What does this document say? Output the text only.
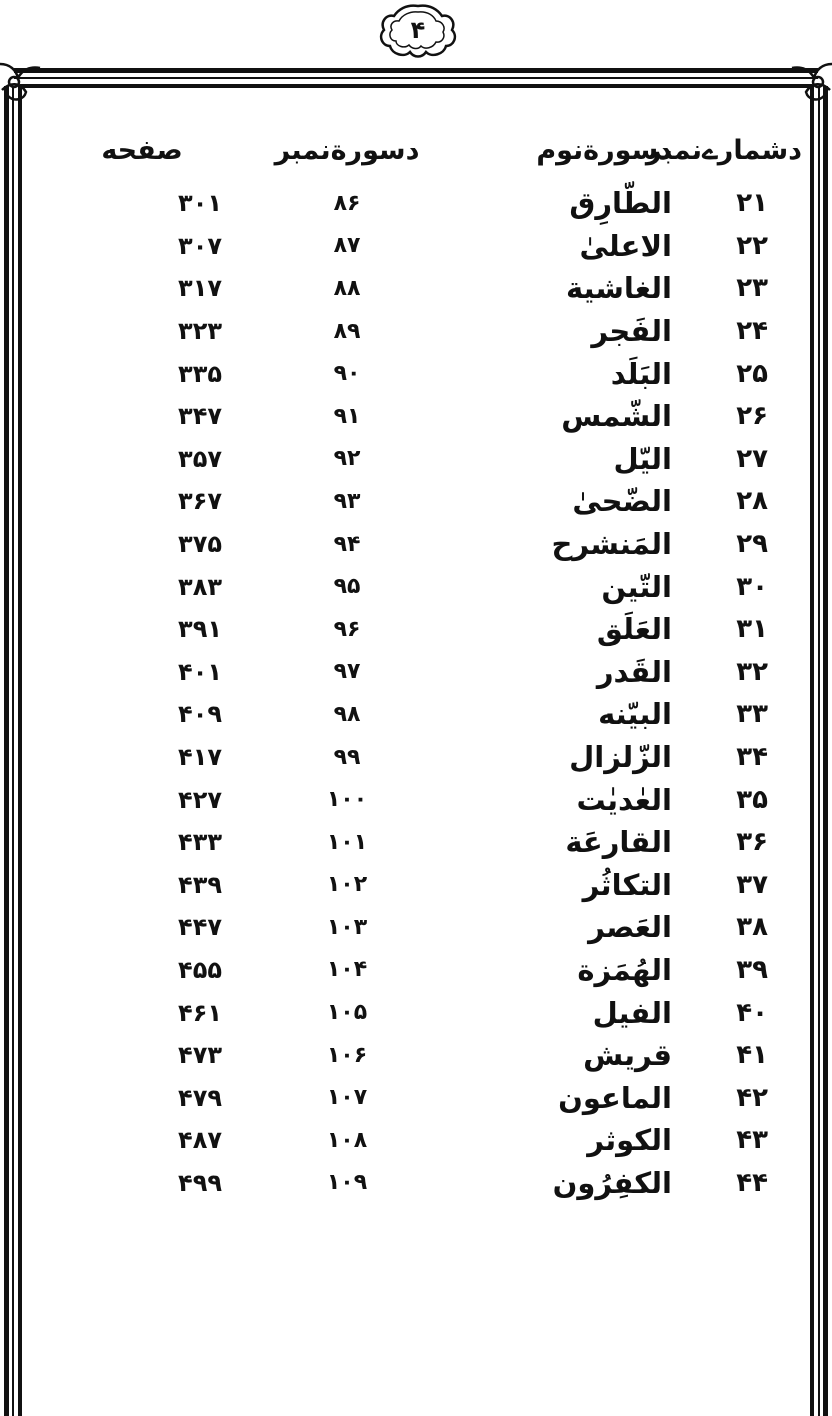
۴
دشمارےنمبر
دسورةنوم
دسورةنمبر
صفحه
۲۱
الطّارِق
۸۶
۳۰۱
۲۲
الاعلیٰ
۸۷
۳۰۷
۲۳
الغاشية
۸۸
۳۱۷
۲۴
الفَجر
۸۹
۳۲۳
۲۵
البَلَد
۹۰
۳۳۵
۲۶
الشّمس
۹۱
۳۴۷
۲۷
الیّل
۹۲
۳۵۷
۲۸
الضّحیٰ
۹۳
۳۶۷
۲۹
المَنشرح
۹۴
۳۷۵
۳۰
التّین
۹۵
۳۸۳
۳۱
العَلَق
۹۶
۳۹۱
۳۲
القَدر
۹۷
۴۰۱
۳۳
البیّنه
۹۸
۴۰۹
۳۴
الزّلزال
۹۹
۴۱۷
۳۵
العٰدیٰت
۱۰۰
۴۲۷
۳۶
القارعَة
۱۰۱
۴۳۳
۳۷
التکاثُر
۱۰۲
۴۳۹
۳۸
العَصر
۱۰۳
۴۴۷
۳۹
الهُمَزة
۱۰۴
۴۵۵
۴۰
الفیل
۱۰۵
۴۶۱
۴۱
قریش
۱۰۶
۴۷۳
۴۲
الماعون
۱۰۷
۴۷۹
۴۳
الکوثر
۱۰۸
۴۸۷
۴۴
الکفِرُون
۱۰۹
۴۹۹
